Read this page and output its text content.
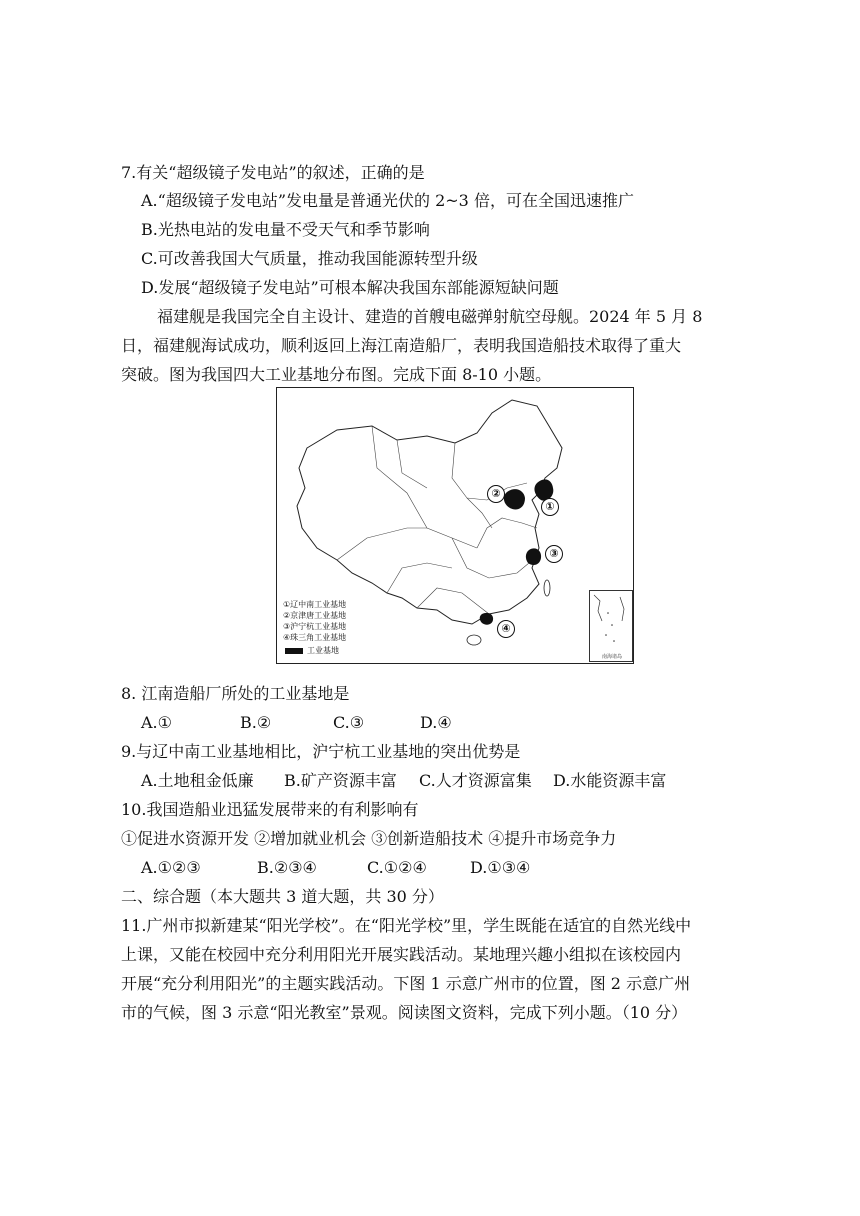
7.有关“超级镜子发电站”的叙述，正确的是
A.“超级镜子发电站”发电量是普通光伏的 2~3 倍，可在全国迅速推广
B.光热电站的发电量不受天气和季节影响
C.可改善我国大气质量，推动我国能源转型升级
D.发展“超级镜子发电站”可根本解决我国东部能源短缺问题
福建舰是我国完全自主设计、建造的首艘电磁弹射航空母舰。2024 年 5 月 8
日，福建舰海试成功，顺利返回上海江南造船厂，表明我国造船技术取得了重大
突破。图为我国四大工业基地分布图。完成下面 8-10 小题。
①
②
③
④
①辽中南工业基地
②京津唐工业基地
③沪宁杭工业基地
④珠三角工业基地
工业基地
南海诸岛
8. 江南造船厂所处的工业基地是
A.①	B.②	C.③	D.④
9.与辽中南工业基地相比，沪宁杭工业基地的突出优势是
A.土地租金低廉 B.矿产资源丰富 C.人才资源富集 D.水能资源丰富
10.我国造船业迅猛发展带来的有利影响有
①促进水资源开发 ②增加就业机会 ③创新造船技术 ④提升市场竞争力
A.①②③	B.②③④	C.①②④	D.①③④
二、综合题（本大题共 3 道大题，共 30 分）
11.广州市拟新建某“阳光学校”。在“阳光学校”里，学生既能在适宜的自然光线中
上课，又能在校园中充分利用阳光开展实践活动。某地理兴趣小组拟在该校园内
开展“充分利用阳光”的主题实践活动。下图 1 示意广州市的位置，图 2 示意广州
市的气候，图 3 示意“阳光教室”景观。阅读图文资料，完成下列小题。（10 分）
